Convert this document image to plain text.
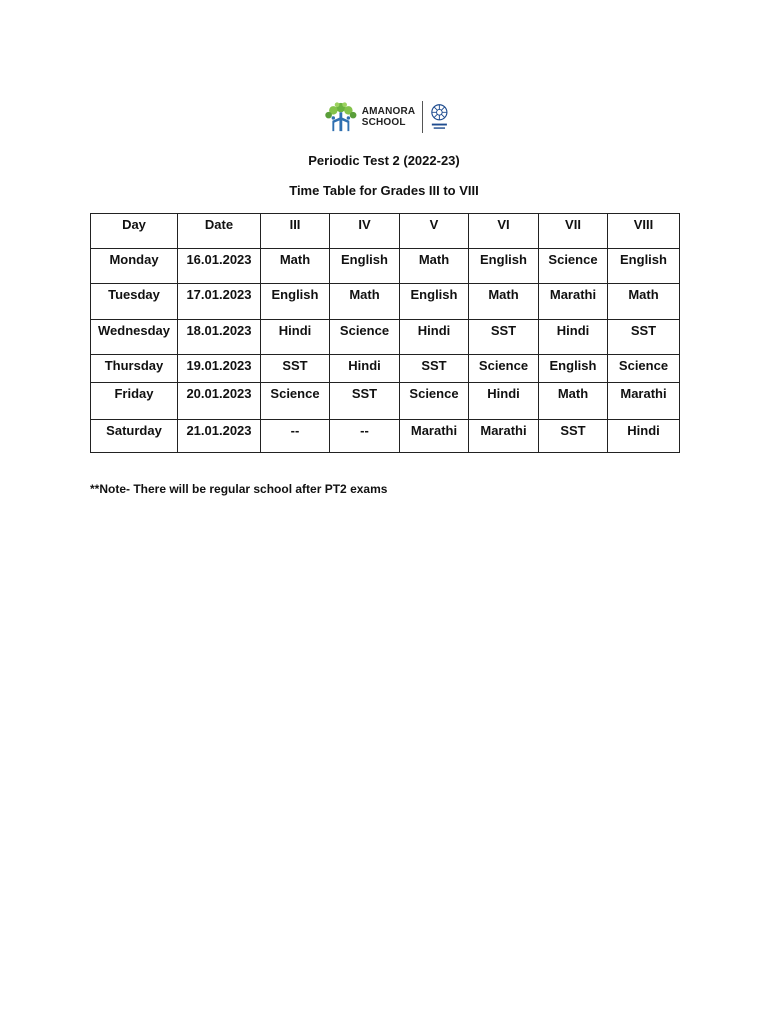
AMANORA
SCHOOL
Periodic Test 2 (2022-23)
Time Table for Grades III to VIII
Day	Date	III	IV	V	VI	VII	VIII
Monday	16.01.2023	Math	English	Math	English	Science	English
Tuesday	17.01.2023	English	Math	English	Math	Marathi	Math
Wednesday	18.01.2023	Hindi	Science	Hindi	SST	Hindi	SST
Thursday	19.01.2023	SST	Hindi	SST	Science	English	Science
Friday	20.01.2023	Science	SST	Science	Hindi	Math	Marathi
Saturday	21.01.2023	--	--	Marathi	Marathi	SST	Hindi
**Note- There will be regular school after PT2 exams
